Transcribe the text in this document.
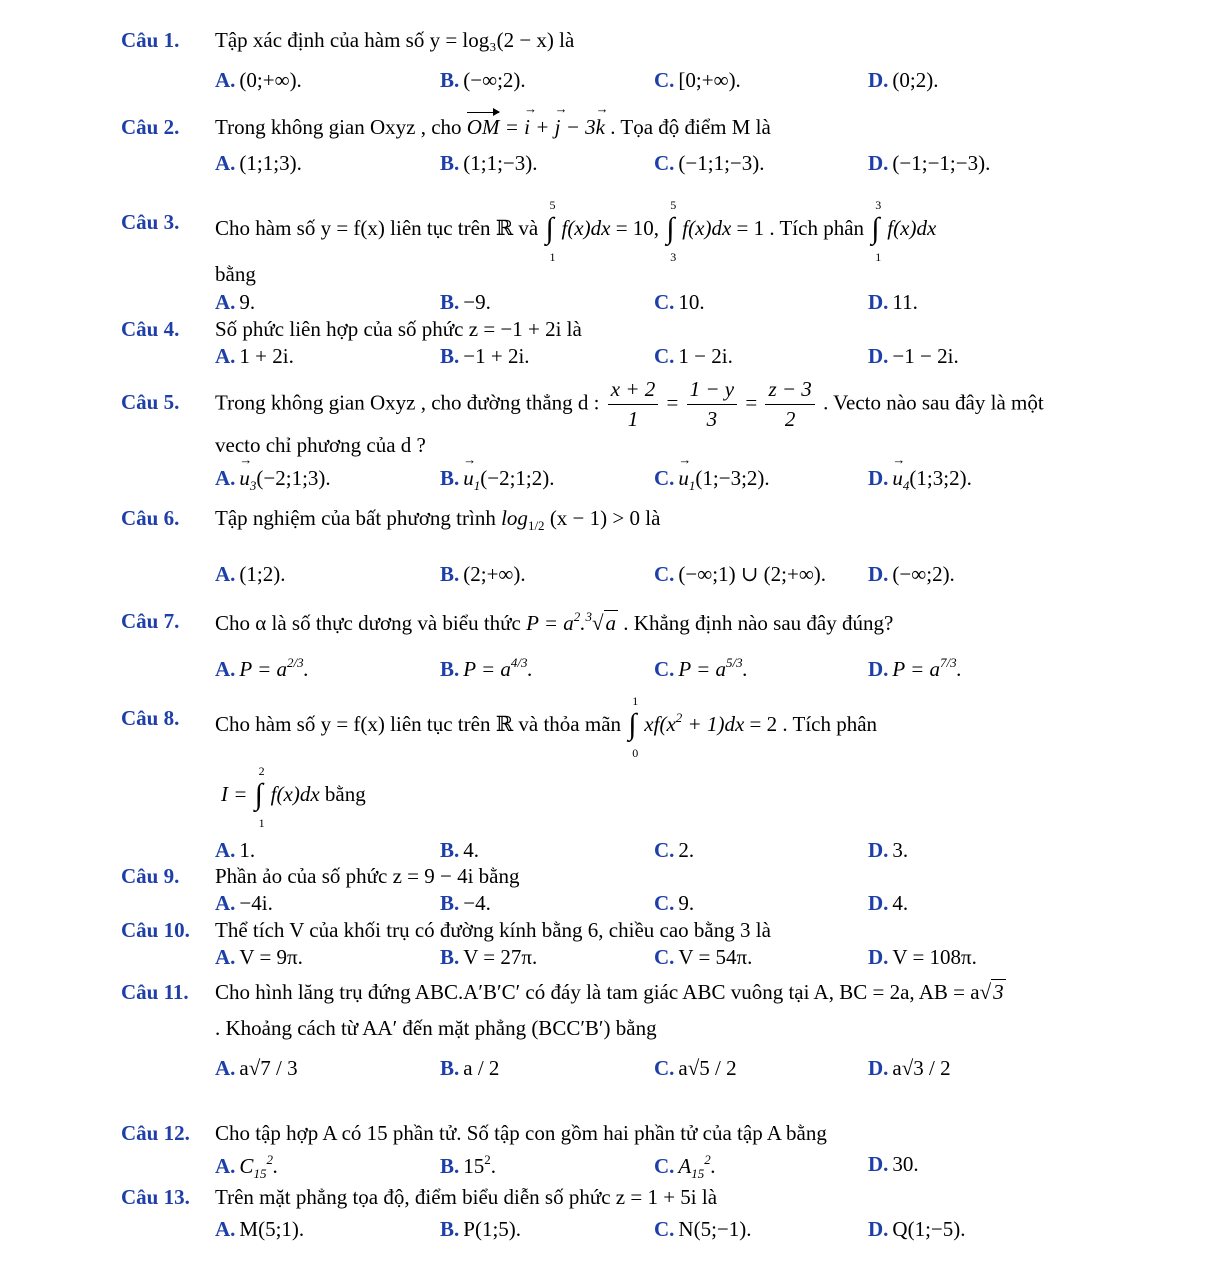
Câu 1. Tập xác định của hàm số y = log₃(2 − x) là
A. (0;+∞).	B. (−∞;2).	C. [0;+∞).	D. (0;2).
Câu 2. Trong không gian Oxyz , cho OM = → i + → j − 3→ k . Tọa độ điểm M là
A. (1;1;3).	B. (1;1;−3).	C. (−1;1;−3).	D. (−1;−1;−3).
Câu 3. Cho hàm số y = f(x) liên tục trên ℝ và
5
∫
1
f(x)dx = 10,
5
∫
3
f(x)dx = 1 . Tích phân
3
∫
1
f(x)dx
bằng
A. 9.	B. −9.	C. 10.	D. 11.
Câu 4. Số phức liên hợp của số phức z = −1 + 2i là
A. 1 + 2i.	B. −1 + 2i.	C. 1 − 2i.	D. −1 − 2i.
Câu 5. Trong không gian Oxyz , cho đường thẳng d : $\frac{x + 2}{1} = \frac{1 - y}{3} = \frac{z - 3}{2}$ . Vecto nào sau đây là một
vecto chỉ phương của d ?
$A.\to u_3(-2;1;3)$.	$B.\to u_1(-2;1;2)$.	$C.\to u_1(1;-3;2)$.	$D.\to u_4(1;3;2)$.
Câu 6. Tập nghiệm của bất phương trình $\log_{1/2} (x - 1) > 0$ là
A. (1;2).	B. (2;+∞).	C. (−∞;1) ∪ (2;+∞). D. (−∞;2).
Câu 7. Cho α là số thực dương và biểu thức $P = a^2.^3√a$ . Khẳng định nào sau đây đúng?
A. $P = a^{2/3}$.	B. $P = a^{4/3}$.	C. $P = a^{5/3}$.	D. $P = a^{7/3}$.
Câu 8. Cho hàm số y = f(x) liên tục trên ℝ và thỏa mãn
1
∫
0
$xf(x^2 + 1)dx = 2$ . Tích phân
I =
2
∫
1
f(x)dx bằng
A. 1.	B. 4.	C. 2.	D. 3.
Câu 9. Phần ảo của số phức z = 9 − 4i bằng
A. −4i.	B. −4.	C. 9.	D. 4.
Câu 10. Thể tích V của khối trụ có đường kính bằng 6, chiều cao bằng 3 là
A. V = 9π.	B. V = 27π.	C. V = 54π.	D. V = 108π.
Câu 11. Cho hình lăng trụ đứng ABC.A′B′C′ có đáy là tam giác ABC vuông tại A, BC = 2a, AB = a√3
. Khoảng cách từ AA′ đến mặt phẳng (BCC′B′) bằng
A. a√7 / 3	B. a / 2	C. a√5 / 2	D. a√3 / 2
Câu 12. Cho tập hợp A có 15 phần tử. Số tập con gồm hai phần tử của tập A bằng
A. $C_{15}^2$.	B. $15^2$.	C. $A_{15}^2$.	D. 30.
Câu 13. Trên mặt phẳng tọa độ, điểm biểu diễn số phức z = 1 + 5i là
A. M(5;1).	B. P(1;5).	C. N(5;−1).	D. Q(1;−5).
